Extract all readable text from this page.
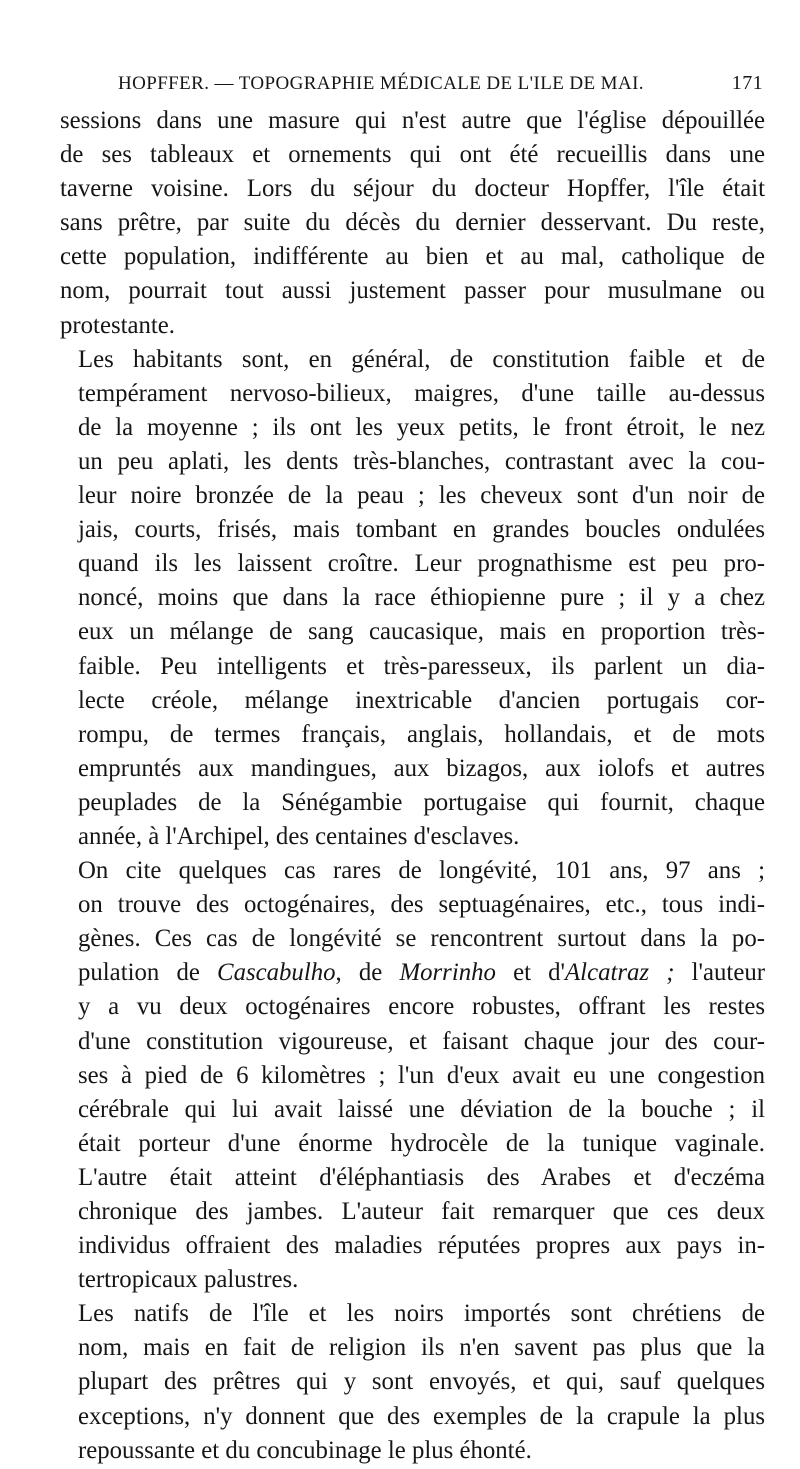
HOPFFER. — TOPOGRAPHIE MÉDICALE DE L'ILE DE MAI.	171

sessions dans une masure qui n'est autre que l'église dépouillée
de ses tableaux et ornements qui ont été recueillis dans une
taverne voisine. Lors du séjour du docteur Hopffer, l'île était
sans prêtre, par suite du décès du dernier desservant. Du reste,
cette population, indifférente au bien et au mal, catholique de
nom, pourrait tout aussi justement passer pour musulmane ou
protestante.

Les habitants sont, en général, de constitution faible et de
tempérament nervoso-bilieux, maigres, d'une taille au-dessus
de la moyenne ; ils ont les yeux petits, le front étroit, le nez
un peu aplati, les dents très-blanches, contrastant avec la cou-
leur noire bronzée de la peau ; les cheveux sont d'un noir de
jais, courts, frisés, mais tombant en grandes boucles ondulées
quand ils les laissent croître. Leur prognathisme est peu pro-
noncé, moins que dans la race éthiopienne pure ; il y a chez
eux un mélange de sang caucasique, mais en proportion très-
faible. Peu intelligents et très-paresseux, ils parlent un dia-
lecte créole, mélange inextricable d'ancien portugais cor-
rompu, de termes français, anglais, hollandais, et de mots
empruntés aux mandingues, aux bizagos, aux iolofs et autres
peuplades de la Sénégambie portugaise qui fournit, chaque
année, à l'Archipel, des centaines d'esclaves.

On cite quelques cas rares de longévité, 101 ans, 97 ans ;
on trouve des octogénaires, des septuagénaires, etc., tous indi-
gènes. Ces cas de longévité se rencontrent surtout dans la po-
pulation de Cascabulho, de Morrinho et d'Alcatraz ; l'auteur
y a vu deux octogénaires encore robustes, offrant les restes
d'une constitution vigoureuse, et faisant chaque jour des cour-
ses à pied de 6 kilomètres ; l'un d'eux avait eu une congestion
cérébrale qui lui avait laissé une déviation de la bouche ; il
était porteur d'une énorme hydrocèle de la tunique vaginale.
L'autre était atteint d'éléphantiasis des Arabes et d'eczéma
chronique des jambes. L'auteur fait remarquer que ces deux
individus offraient des maladies réputées propres aux pays in-
tertropicaux palustres.

Les natifs de l'île et les noirs importés sont chrétiens de
nom, mais en fait de religion ils n'en savent pas plus que la
plupart des prêtres qui y sont envoyés, et qui, sauf quelques
exceptions, n'y donnent que des exemples de la crapule la plus
repoussante et du concubinage le plus éhonté.
